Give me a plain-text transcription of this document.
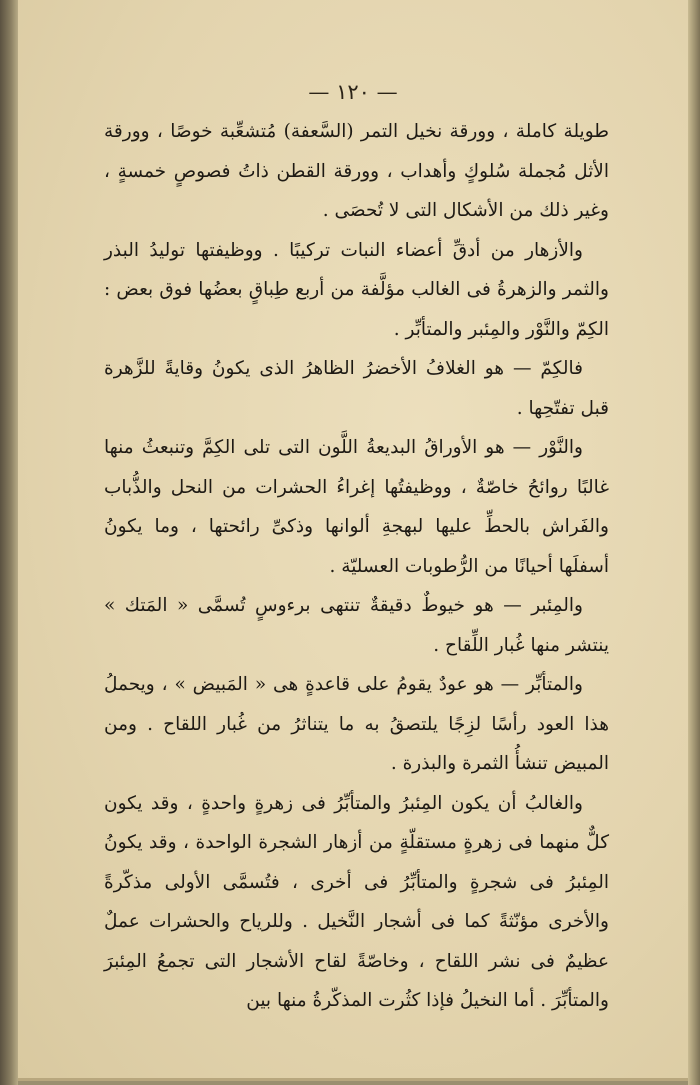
— ١٢٠ —

طويلة كاملة ، وورقة نخيل التمر (السَّعفة) مُتشعِّبة خوصًا ، وورقة الأثل مُجملة سُلوكٍ وأهداب ، وورقة القطن ذاتُ فصوصٍ خمسةٍ ، وغير ذلك من الأشكال التى لا تُحصَى .

والأزهار من أدقِّ أعضاء النبات تركيبًا . ووظيفتها توليدُ البذر والثمر والزهرةُ فى الغالب مؤلَّفة من أربع طِباقٍ بعضُها فوق بعض : الكِمّ والنَّوْر والمِئبر والمتأبِّر .

فالكِمّ — هو الغلافُ الأخضرُ الظاهرُ الذى يكونُ وقايةً للزَّهرة قبل تفتّحِها .

والنَّوْر — هو الأوراقُ البديعةُ اللَّون التى تلى الكِمَّ وتنبعثُ منها غالبًا روائحُ خاصّةٌ ، ووظيفتُها إغراءُ الحشرات من النحل والذُّباب والفَراش بالحطِّ عليها لبهجةِ ألوانها وذكىِّ رائحتها ، وما يكونُ أسفلَها أحيانًا من الرُّطوبات العسليّة .

والمِئبر — هو خيوطٌ دقيقةٌ تنتهى برءوسٍ تُسمَّى « المَتك » ينتشر منها غُبار اللِّقاح .

والمتأبِّر — هو عودٌ يقومُ على قاعدةٍ هى « المَبيض » ، ويحملُ هذا العود رأسًا لزِجًا يلتصقُ به ما يتناثرُ من غُبار اللقاح . ومن المبيض تنشأُ الثمرة والبذرة .

والغالبُ أن يكون المِئبرُ والمتأبِّرُ فى زهرةٍ واحدةٍ ، وقد يكون كلٌّ منهما فى زهرةٍ مستقلّةٍ من أزهار الشجرة الواحدة ، وقد يكونُ المِئبرُ فى شجرةٍ والمتأبِّرُ فى أخرى ، فتُسمَّى الأولى مذكّرةً والأخرى مؤنّثةً كما فى أشجار النَّخيل . وللرياح والحشرات عملٌ عظيمٌ فى نشر اللقاح ، وخاصّةً لقاح الأشجار التى تجمعُ المِئبرَ والمتأبِّرَ . أما النخيلُ فإذا كثُرت المذكّرةُ منها بين
